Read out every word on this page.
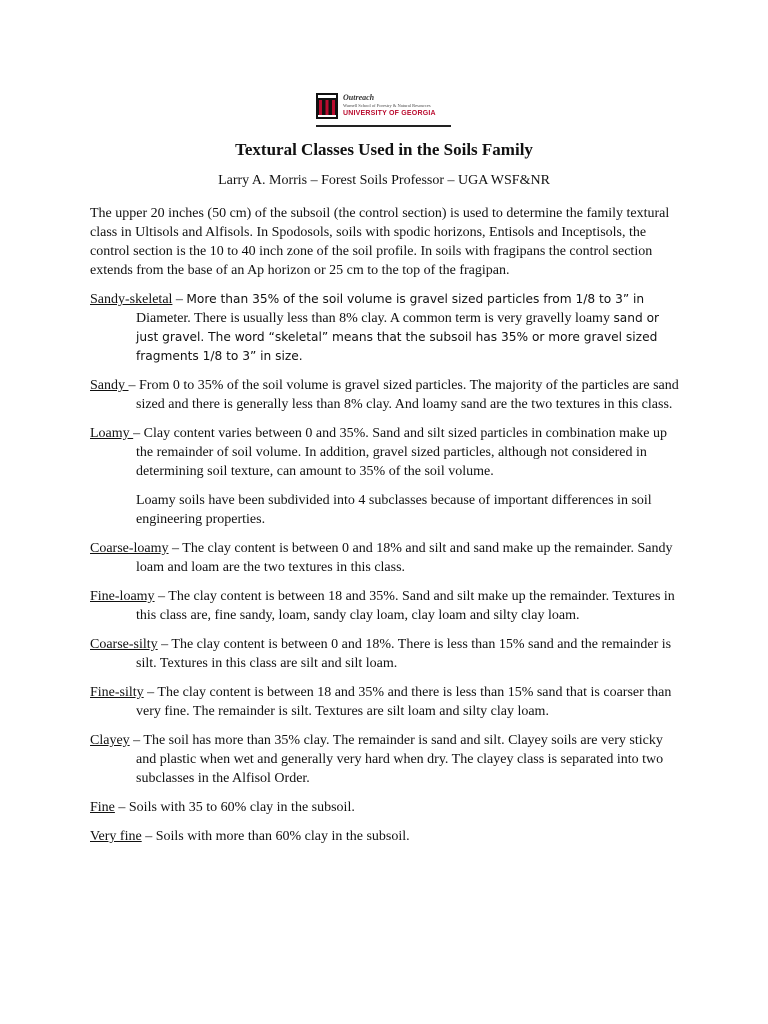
Outreach
Warnell School of Forestry & Natural Resources
UNIVERSITY OF GEORGIA
Textural Classes Used in the Soils Family
Larry A. Morris – Forest Soils Professor – UGA WSF&NR

The upper 20 inches (50 cm) of the subsoil (the control section) is used to determine the family textural class in Ultisols and Alfisols. In Spodosols, soils with spodic horizons, Entisols and Inceptisols, the control section is the 10 to 40 inch zone of the soil profile. In soils with fragipans the control section extends from the base of an Ap horizon or 25 cm to the top of the fragipan.

Sandy-skeletal – More than 35% of the soil volume is gravel sized particles from 1/8 to 3” in Diameter. There is usually less than 8% clay. A common term is very gravelly loamy sand or just gravel. The word “skeletal” means that the subsoil has 35% or more gravel sized fragments 1/8 to 3” in size.

Sandy – From 0 to 35% of the soil volume is gravel sized particles. The majority of the particles are sand sized and there is generally less than 8% clay. And loamy sand are the two textures in this class.

Loamy – Clay content varies between 0 and 35%. Sand and silt sized particles in combination make up the remainder of soil volume. In addition, gravel sized particles, although not considered in determining soil texture, can amount to 35% of the soil volume.

Loamy soils have been subdivided into 4 subclasses because of important differences in soil engineering properties.

Coarse-loamy – The clay content is between 0 and 18% and silt and sand make up the remainder. Sandy loam and loam are the two textures in this class.

Fine-loamy – The clay content is between 18 and 35%. Sand and silt make up the remainder. Textures in this class are, fine sandy, loam, sandy clay loam, clay loam and silty clay loam.

Coarse-silty – The clay content is between 0 and 18%. There is less than 15% sand and the remainder is silt. Textures in this class are silt and silt loam.

Fine-silty – The clay content is between 18 and 35% and there is less than 15% sand that is coarser than very fine. The remainder is silt. Textures are silt loam and silty clay loam.

Clayey – The soil has more than 35% clay. The remainder is sand and silt. Clayey soils are very sticky and plastic when wet and generally very hard when dry. The clayey class is separated into two subclasses in the Alfisol Order.

Fine – Soils with 35 to 60% clay in the subsoil.

Very fine – Soils with more than 60% clay in the subsoil.
